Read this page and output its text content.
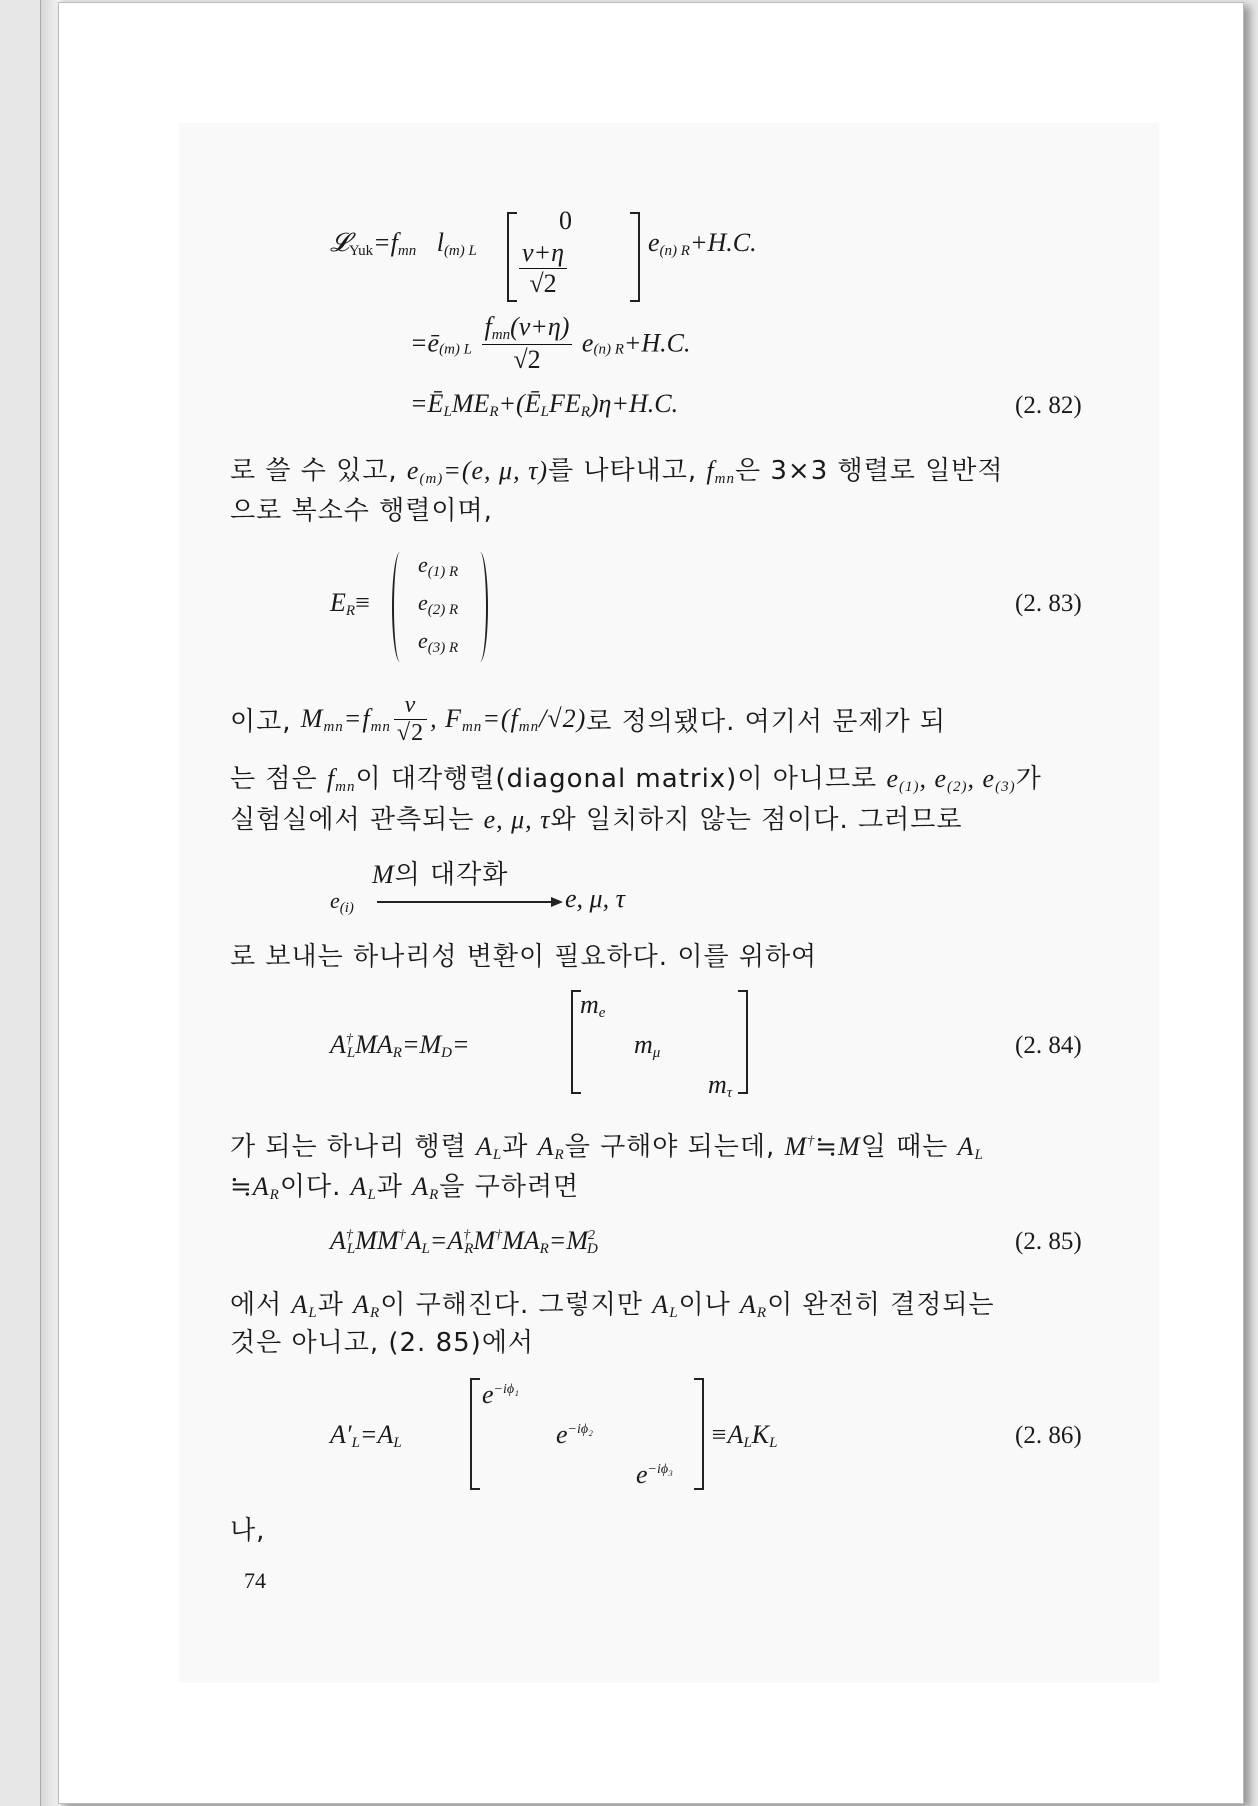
$𝓛_{Yuk}=f_{mn}$ $l_{(m) L}$
0
$\frac{v+\eta}{√2}$	$e_{(n) R}+H.C$.
$=ē_{(m) L} \frac{f_{mn}(v+\eta)}{√2} e_{(n) R}+H.C$.
$=Ē_LME_R+(Ē_LFE_R)\eta+H.C$.	(2. 82)
로 쓸 수 있고, $e_{(m)}=(e$, μ, τ)를 나타내고, $f_{mn}$은 3×3 행렬로 일반적
으로 복소수 행렬이며,
$E_R\equiv$
$e_{(1) R}$
$e_{(2) R}$
$e_{(3) R}$
(2. 83)
이고, $M_{mn}=f_{mn} \frac{v}{√2}$ , $F_{mn}=(f_{mn}/√2)$로 정의됐다. 여기서 문제가 되
는 점은 $f_{mn}$이 대각행렬(diagonal matrix)이 아니므로 $e_{(1)}$, $e_{(2)}$, $e_{(3)}$가
실험실에서 관측되는 e, μ, τ와 일치하지 않는 점이다. 그러므로
M의 대각화
$e_{(i)}$	e, μ, τ
로 보내는 하나리성 변환이 필요하다. 이를 위하여
$A^\dagger_LMA_R=M_D=$
$m_e$
$m_\mu$
$m_\tau$
(2. 84)
가 되는 하나리 행렬 $A_L$과 $A_R$을 구해야 되는데, M†≒M일 때는 $A_L$
$≒A_R$이다. $A_L$과 $A_R$을 구하려면
$A^\dagger_LMM^\dagger A_L=A^\dagger_RM^\dagger MA_R=M^2_D$	(2. 85)
에서 $A_L$과 $A_R$이 구해진다. 그렇지만 $A_L$이나 $A_R$이 완전히 결정되는
것은 아니고, (2. 85)에서
$A'_L=A_L$
$e^{-i\phi_1}$
$e^{-i\phi_2}$
$e^{-i\phi_3}$
$\equiv A_LK_L$	(2. 86)
나,
74
